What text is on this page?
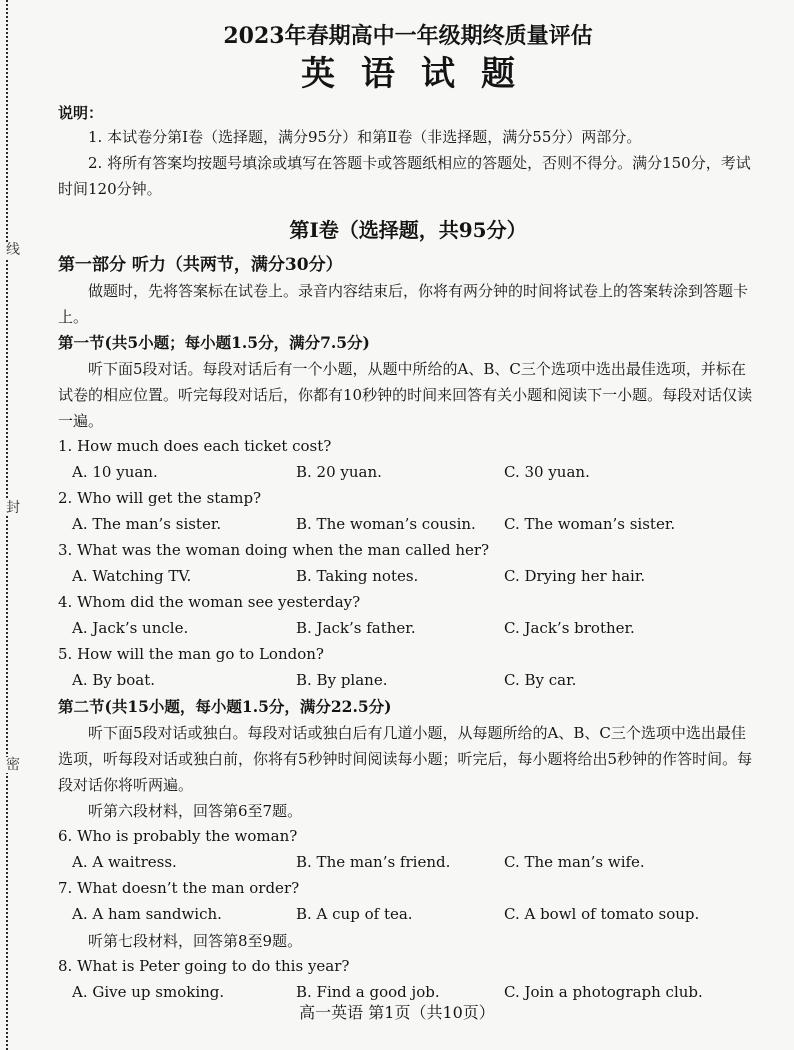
线
封
密
2023年春期高中一年级期终质量评估
英语试题
说明：

1. 本试卷分第Ⅰ卷（选择题，满分95分）和第Ⅱ卷（非选择题，满分55分）两部分。

2. 将所有答案均按题号填涂或填写在答题卡或答题纸相应的答题处，否则不得分。满分150分，考试时间120分钟。

第Ⅰ卷（选择题，共95分）

第一部分 听力（共两节，满分30分）

做题时，先将答案标在试卷上。录音内容结束后，你将有两分钟的时间将试卷上的答案转涂到答题卡上。

第一节(共5小题；每小题1.5分，满分7.5分)

听下面5段对话。每段对话后有一个小题，从题中所给的A、B、C三个选项中选出最佳选项，并标在试卷的相应位置。听完每段对话后，你都有10秒钟的时间来回答有关小题和阅读下一小题。每段对话仅读一遍。

1. How much does each ticket cost?

A. 10 yuan.	B. 20 yuan.	C. 30 yuan.

2. Who will get the stamp?

A. The man’s sister.	B. The woman’s cousin. C. The woman’s sister.

3. What was the woman doing when the man called her?

A. Watching TV.	B. Taking notes.	C. Drying her hair.

4. Whom did the woman see yesterday?

A. Jack’s uncle.	B. Jack’s father.	C. Jack’s brother.

5. How will the man go to London?

A. By boat.	B. By plane.	C. By car.

第二节(共15小题，每小题1.5分，满分22.5分)

听下面5段对话或独白。每段对话或独白后有几道小题，从每题所给的A、B、C三个选项中选出最佳选项，听每段对话或独白前，你将有5秒钟时间阅读每小题；听完后，每小题将给出5秒钟的作答时间。每段对话你将听两遍。

听第六段材料，回答第6至7题。

6. Who is probably the woman?

A. A waitress.	B. The man’s friend.	C. The man’s wife.

7. What doesn’t the man order?

A. A ham sandwich.	B. A cup of tea.	C. A bowl of tomato soup.

听第七段材料，回答第8至9题。

8. What is Peter going to do this year?

A. Give up smoking.	B. Find a good job.	C. Join a photograph club.
高一英语 第1页（共10页）
